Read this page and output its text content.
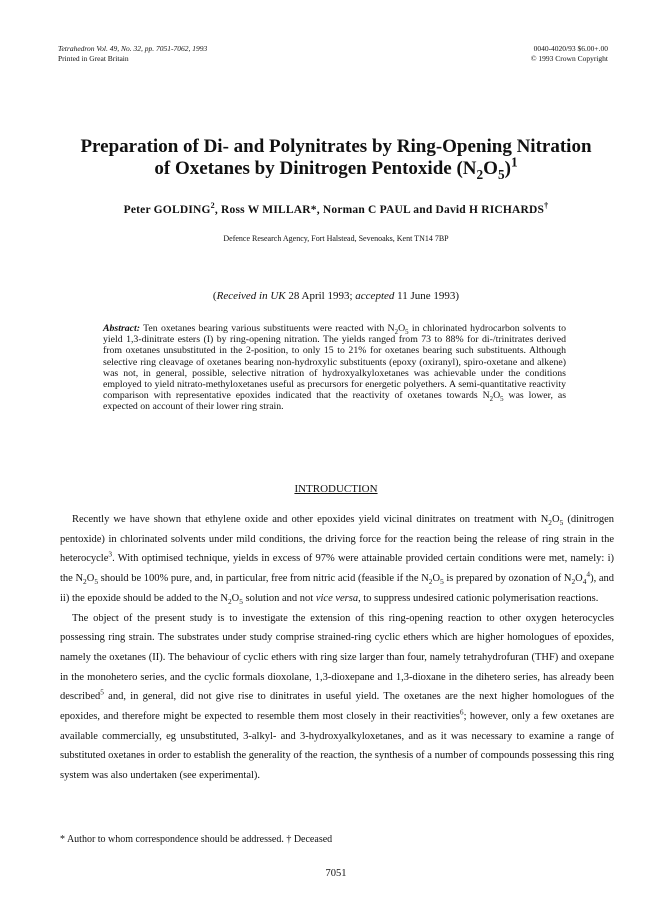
Tetrahedron Vol. 49, No. 32, pp. 7051-7062, 1993
Printed in Great Britain
0040-4020/93 $6.00+.00
© 1993 Crown Copyright
Preparation of Di- and Polynitrates by Ring-Opening Nitration
of Oxetanes by Dinitrogen Pentoxide $(N_2O_5)^1$
Peter GOLDING$^2$, Ross W MILLAR*, Norman C PAUL and David H RICHARDS†
Defence Research Agency, Fort Halstead, Sevenoaks, Kent TN14 7BP
(Received in UK 28 April 1993; accepted 11 June 1993)
Abstract: Ten oxetanes bearing various substituents were reacted with $N_2O_5$ in chlorinated hydrocarbon solvents to yield 1,3-dinitrate esters (I) by ring-opening nitration. The yields ranged from 73 to 88% for di-/trinitrates derived from oxetanes unsubstituted in the 2-position, to only 15 to 21% for oxetanes bearing such substituents. Although selective ring cleavage of oxetanes bearing non-hydroxylic substituents (epoxy (oxiranyl), spiro-oxetane and alkene) was not, in general, possible, selective nitration of hydroxyalkyloxetanes was achievable under the conditions employed to yield nitrato-methyloxetanes useful as precursors for energetic polyethers. A semi-quantitative reactivity comparison with representative epoxides indicated that the reactivity of oxetanes towards $N_2O_5$ was lower, as expected on account of their lower ring strain.
INTRODUCTION

Recently we have shown that ethylene oxide and other epoxides yield vicinal dinitrates on treatment with $N_2O_5$ (dinitrogen pentoxide) in chlorinated solvents under mild conditions, the driving force for the reaction being the release of ring strain in the heterocycle$^3$. With optimised technique, yields in excess of 97% were attainable provided certain conditions were met, namely: i) the $N_2O_5$ should be 100% pure, and, in particular, free from nitric acid (feasible if the $N_2O_5$ is prepared by ozonation of $N_2O_4^4$), and ii) the epoxide should be added to the $N_2O_5$ solution and not vice versa, to suppress undesired cationic polymerisation reactions.

The object of the present study is to investigate the extension of this ring-opening reaction to other oxygen heterocycles possessing ring strain. The substrates under study comprise strained-ring cyclic ethers which are higher homologues of epoxides, namely the oxetanes (II). The behaviour of cyclic ethers with ring size larger than four, namely tetrahydrofuran (THF) and oxepane in the monohetero series, and the cyclic formals dioxolane, 1,3-dioxepane and 1,3-dioxane in the dihetero series, has already been described$^5$ and, in general, did not give rise to dinitrates in useful yield. The oxetanes are the next higher homologues of the epoxides, and therefore might be expected to resemble them most closely in their reactivities$^6$; however, only a few oxetanes are available commercially, eg unsubstituted, 3-alkyl- and 3-hydroxyalkyloxetanes, and as it was necessary to examine a range of substituted oxetanes in order to establish the generality of the reaction, the synthesis of a number of compounds possessing this ring system was also undertaken (see experimental).

* Author to whom correspondence should be addressed. † Deceased
7051
